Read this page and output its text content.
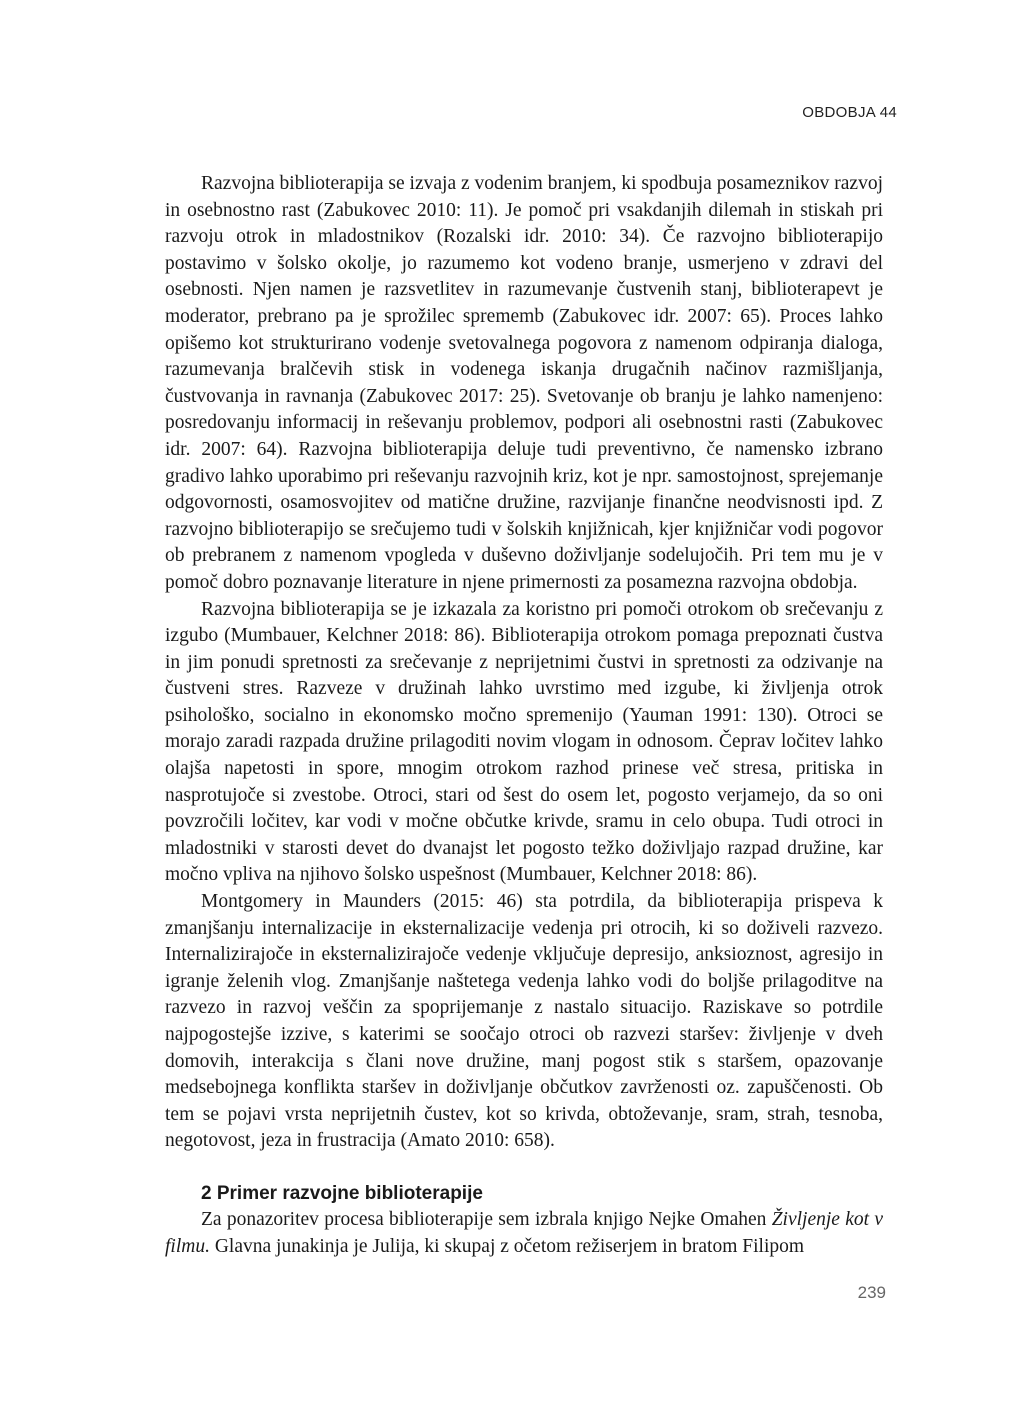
OBDOBJA 44

Razvojna biblioterapija se izvaja z vodenim branjem, ki spodbuja posameznikov razvoj in osebnostno rast (Zabukovec 2010: 11). Je pomoč pri vsakdanjih dilemah in stiskah pri razvoju otrok in mladostnikov (Rozalski idr. 2010: 34). Če razvojno biblioterapijo postavimo v šolsko okolje, jo razumemo kot vodeno branje, usmerjeno v zdravi del osebnosti. Njen namen je razsvetlitev in razumevanje čustvenih stanj, biblioterapevt je moderator, prebrano pa je sprožilec sprememb (Zabukovec idr. 2007: 65). Proces lahko opišemo kot strukturirano vodenje svetovalnega pogovora z namenom odpiranja dialoga, razumevanja bralčevih stisk in vodenega iskanja drugačnih načinov razmišljanja, čustvovanja in ravnanja (Zabukovec 2017: 25). Svetovanje ob branju je lahko namenjeno: posredovanju informacij in reševanju problemov, podpori ali osebnostni rasti (Zabukovec idr. 2007: 64). Razvojna biblioterapija deluje tudi preventivno, če namensko izbrano gradivo lahko uporabimo pri reševanju razvojnih kriz, kot je npr. samostojnost, sprejemanje odgovornosti, osamosvojitev od matične družine, razvijanje finančne neodvisnosti ipd. Z razvojno biblioterapijo se srečujemo tudi v šolskih knjižnicah, kjer knjižničar vodi pogovor ob prebranem z namenom vpogleda v duševno doživljanje sodelujočih. Pri tem mu je v pomoč dobro poznavanje literature in njene primernosti za posamezna razvojna obdobja.

Razvojna biblioterapija se je izkazala za koristno pri pomoči otrokom ob srečevanju z izgubo (Mumbauer, Kelchner 2018: 86). Biblioterapija otrokom pomaga prepoznati čustva in jim ponudi spretnosti za srečevanje z neprijetnimi čustvi in spretnosti za odzivanje na čustveni stres. Razveze v družinah lahko uvrstimo med izgube, ki življenja otrok psihološko, socialno in ekonomsko močno spremenijo (Yauman 1991: 130). Otroci se morajo zaradi razpada družine prilagoditi novim vlogam in odnosom. Čeprav ločitev lahko olajša napetosti in spore, mnogim otrokom razhod prinese več stresa, pritiska in nasprotujoče si zvestobe. Otroci, stari od šest do osem let, pogosto verjamejo, da so oni povzročili ločitev, kar vodi v močne občutke krivde, sramu in celo obupa. Tudi otroci in mladostniki v starosti devet do dvanajst let pogosto težko doživljajo razpad družine, kar močno vpliva na njihovo šolsko uspešnost (Mumbauer, Kelchner 2018: 86).

Montgomery in Maunders (2015: 46) sta potrdila, da biblioterapija prispeva k zmanjšanju internalizacije in eksternalizacije vedenja pri otrocih, ki so doživeli razvezo. Internalizirajoče in eksternalizirajoče vedenje vključuje depresijo, anksioznost, agresijo in igranje želenih vlog. Zmanjšanje naštetega vedenja lahko vodi do boljše prilagoditve na razvezo in razvoj veščin za spoprijemanje z nastalo situacijo. Raziskave so potrdile najpogostejše izzive, s katerimi se soočajo otroci ob razvezi staršev: življenje v dveh domovih, interakcija s člani nove družine, manj pogost stik s staršem, opazovanje medsebojnega konflikta staršev in doživljanje občutkov zavrženosti oz. zapuščenosti. Ob tem se pojavi vrsta neprijetnih čustev, kot so krivda, obtoževanje, sram, strah, tesnoba, negotovost, jeza in frustracija (Amato 2010: 658).

2 Primer razvojne biblioterapije

Za ponazoritev procesa biblioterapije sem izbrala knjigo Nejke Omahen Življenje kot v filmu. Glavna junakinja je Julija, ki skupaj z očetom režiserjem in bratom Filipom

239
